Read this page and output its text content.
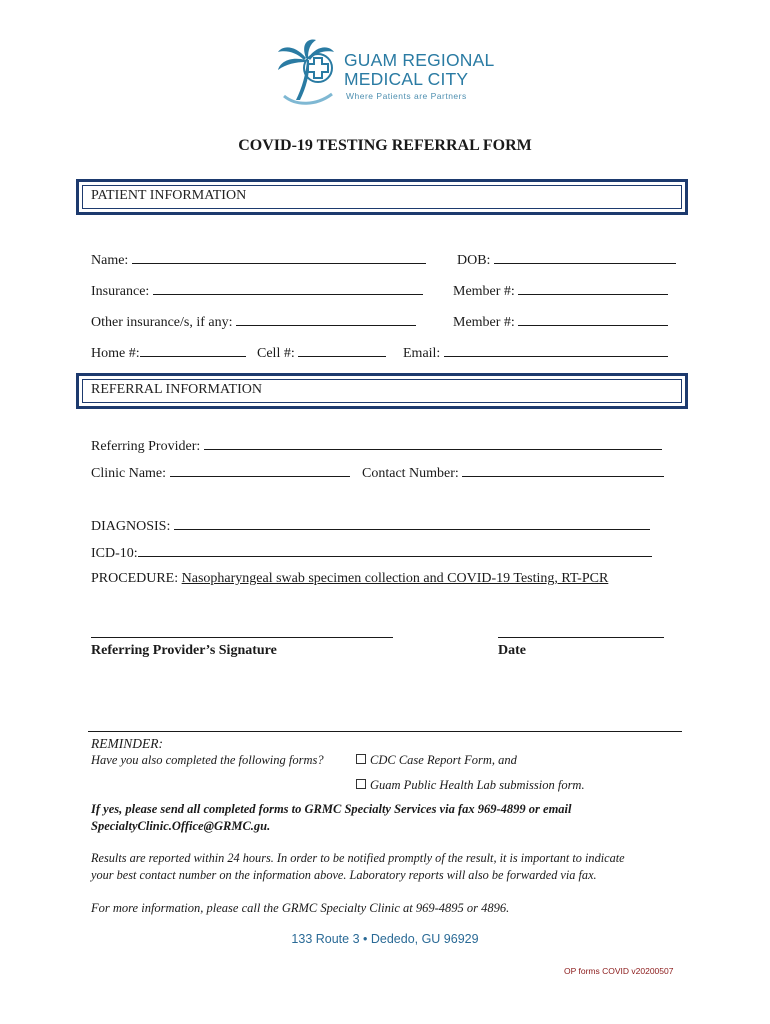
GUAM REGIONAL
MEDICAL CITY
Where Patients are Partners
COVID-19 TESTING REFERRAL FORM
PATIENT INFORMATION
Name:	DOB:
Insurance:	Member #:
Other insurance/s, if any:	Member #:
Home #:	Cell #:	Email:
REFERRAL INFORMATION
Referring Provider:
Clinic Name:	Contact Number:
DIAGNOSIS:
ICD-10:
PROCEDURE: Nasopharyngeal swab specimen collection and COVID-19 Testing, RT-PCR
Referring Provider’s Signature	Date
REMINDER:
Have you also completed the following forms?	CDC Case Report Form, and
Guam Public Health Lab submission form.
If yes, please send all completed forms to GRMC Specialty Services via fax 969-4899 or email
SpecialtyClinic.Office@GRMC.gu.
Results are reported within 24 hours. In order to be notified promptly of the result, it is important to indicate
your best contact number on the information above. Laboratory reports will also be forwarded via fax.
For more information, please call the GRMC Specialty Clinic at 969-4895 or 4896.
133 Route 3 • Dededo, GU 96929
OP forms COVID v20200507
